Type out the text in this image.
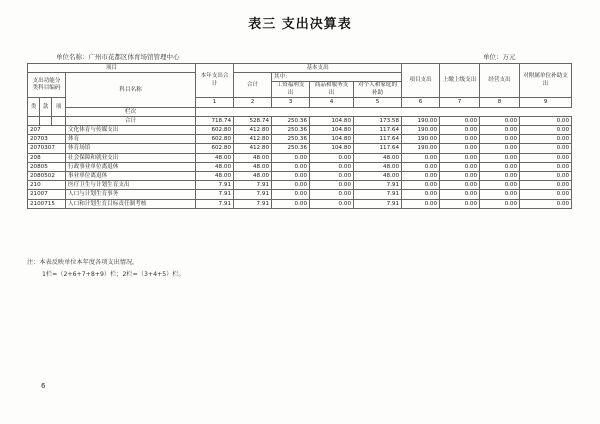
表三 支出决算表
单位名称：广州市花都区体育场馆管理中心	单位：万元
项目				本年支出合计	基本支出				项目支出	上缴上级支出	经营支出	对附属单位补助支出
支出功能分类科目编码			科目名称		合计	其中：						
						工资福利支出	商品和服务支出	对个人和家庭的补助				

类	款	项		1	2	3	4	5	6	7	8	9
			栏次									
			合计	718.74	528.74	250.36	104.80	173.58	190.00	0.00	0.00	0.00
207			文化体育与传媒支出	602.80	412.80	250.36	104.80	117.64	190.00	0.00	0.00	0.00
20703			体育	602.80	412.80	250.36	104.80	117.64	190.00	0.00	0.00	0.00
2070307			体育场馆	602.80	412.80	250.36	104.80	117.64	190.00	0.00	0.00	0.00
208			社会保障和就业支出	48.00	48.00	0.00	0.00	48.00	0.00	0.00	0.00	0.00
20805			行政事业单位离退休	48.00	48.00	0.00	0.00	48.00	0.00	0.00	0.00	0.00
2080502			事业单位离退休	48.00	48.00	0.00	0.00	48.00	0.00	0.00	0.00	0.00
210			医疗卫生与计划生育支出	7.91	7.91	0.00	0.00	7.91	0.00	0.00	0.00	0.00
21007			人口与计划生育事务	7.91	7.91	0.00	0.00	7.91	0.00	0.00	0.00	0.00
2100715			人口和计划生育目标责任制考核	7.91	7.91	0.00	0.00	7.91	0.00	0.00	0.00	0.00
注：本表反映单位本年度各项支出情况。
1栏=（2+6+7+8+9）栏；2栏=（3+4+5）栏。
6
